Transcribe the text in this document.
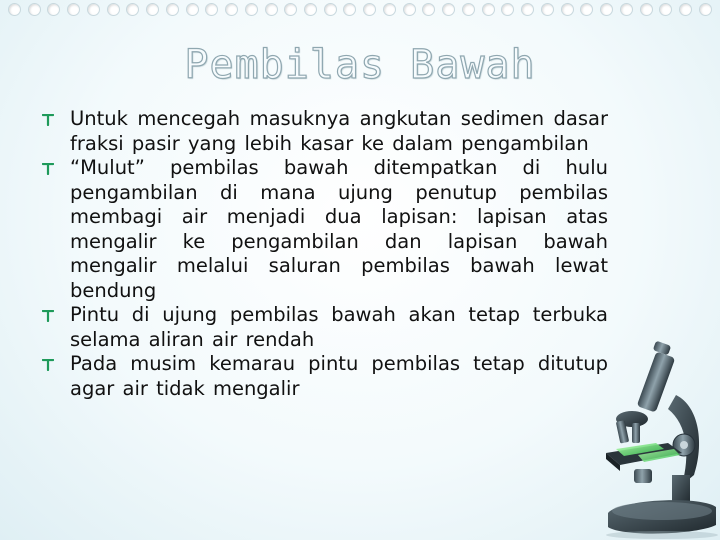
Pembilas Bawah
Untuk mencegah masuknya angkutan sedimen dasar fraksi pasir yang lebih kasar ke dalam pengambilan
“Mulut” pembilas bawah ditempatkan di hulu pengambilan di mana ujung penutup pembilas membagi air menjadi dua lapisan: lapisan atas mengalir ke pengambilan dan lapisan bawah mengalir melalui saluran pembilas bawah lewat bendung
Pintu di ujung pembilas bawah akan tetap terbuka selama aliran air rendah
Pada musim kemarau pintu pembilas tetap ditutup agar air tidak mengalir
